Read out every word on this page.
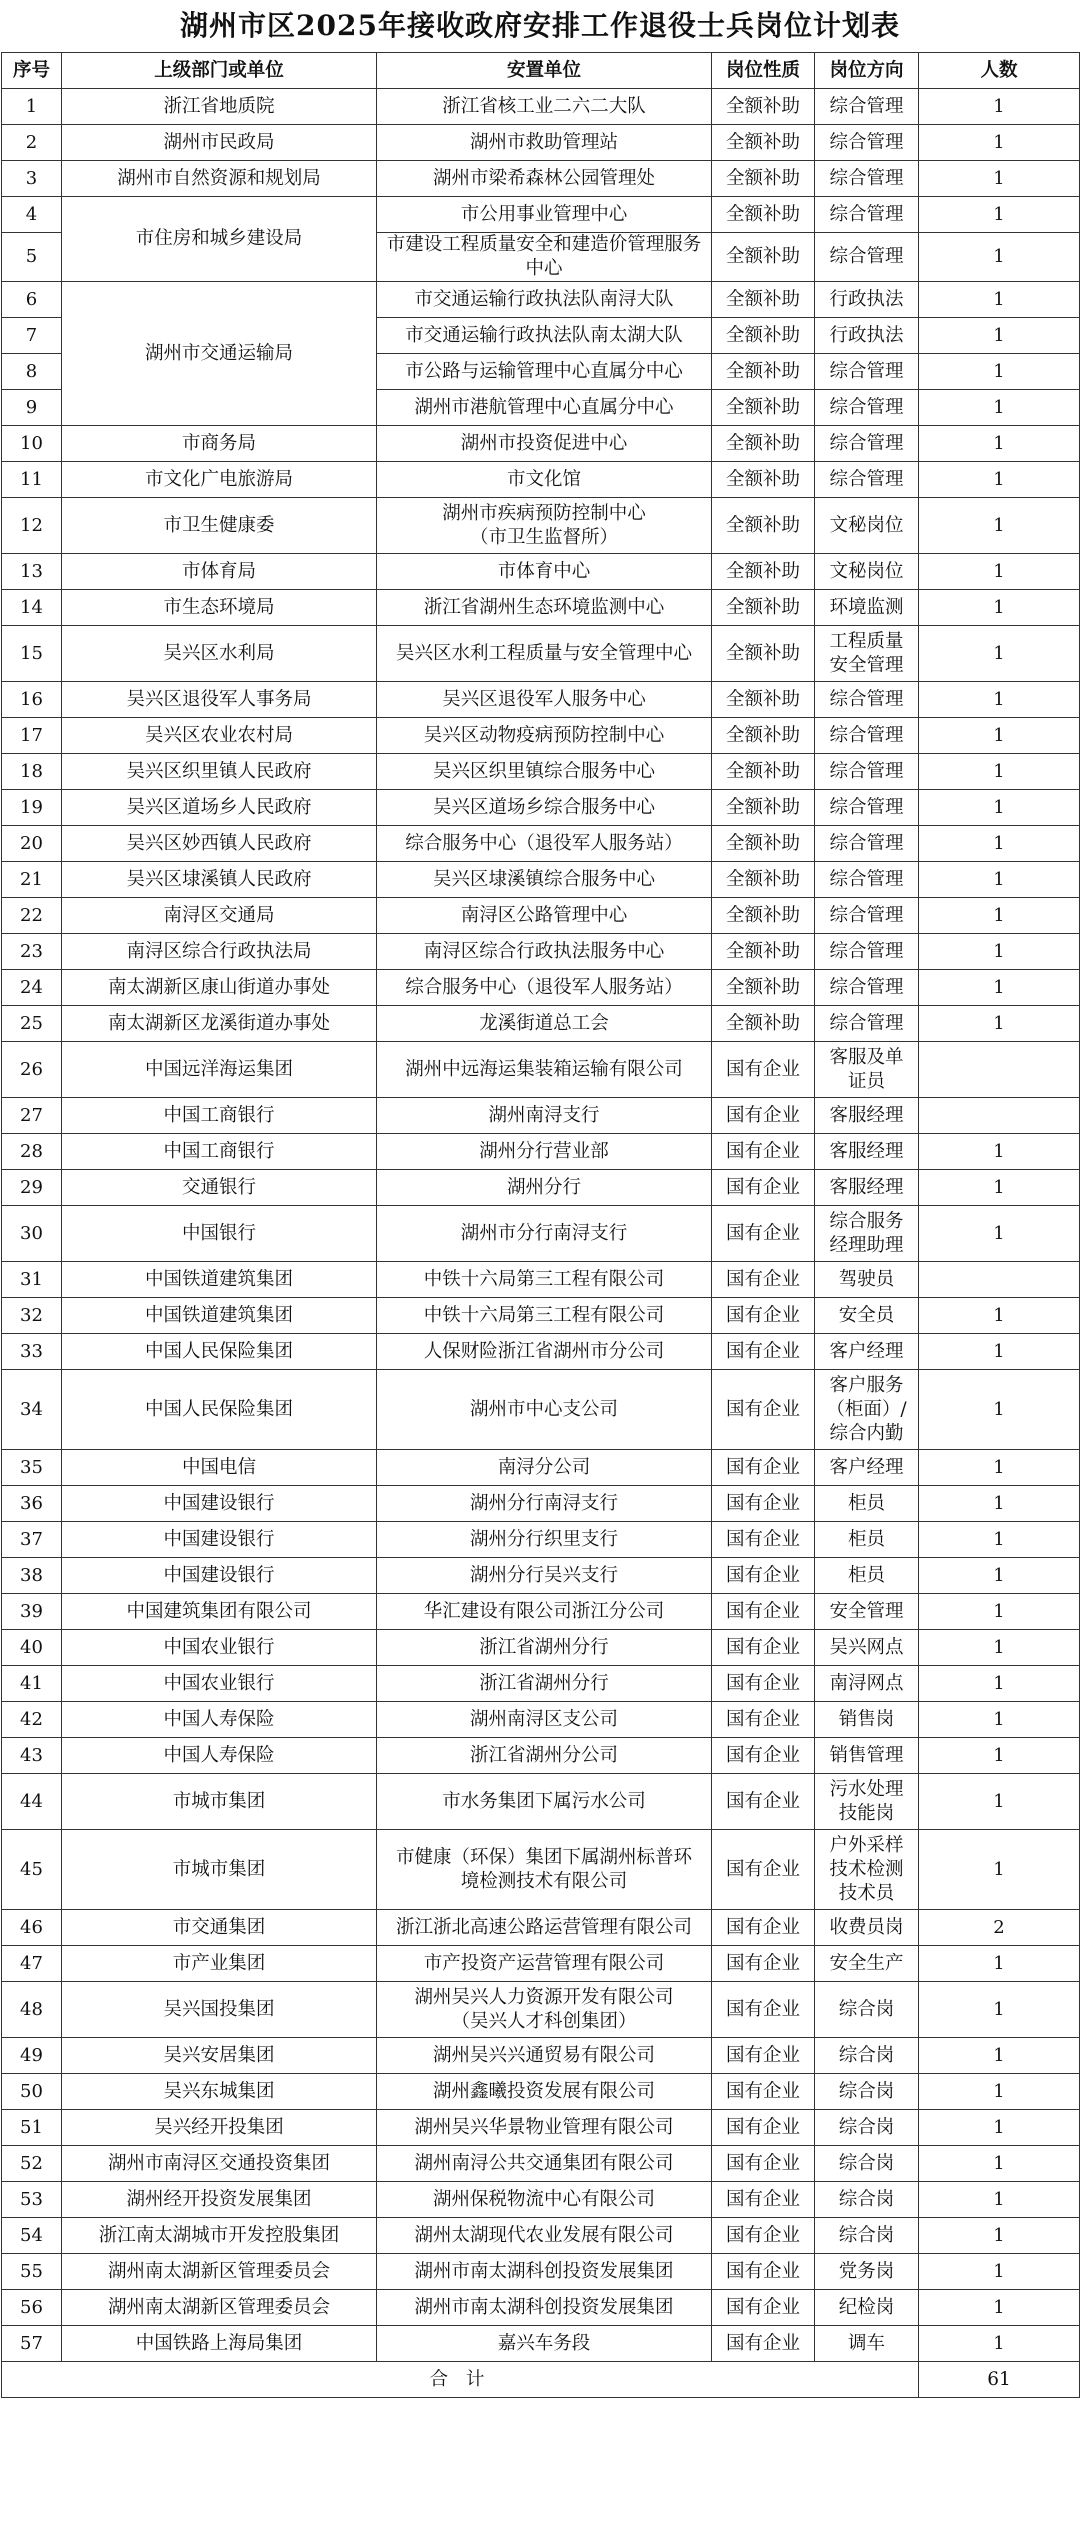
湖州市区2025年接收政府安排工作退役士兵岗位计划表
序号	上级部门或单位	安置单位	岗位性质	岗位方向	人数
1	浙江省地质院	浙江省核工业二六二大队	全额补助	综合管理	1
2	湖州市民政局	湖州市救助管理站	全额补助	综合管理	1
3	湖州市自然资源和规划局	湖州市梁希森林公园管理处	全额补助	综合管理	1
4	市住房和城乡建设局	市公用事业管理中心	全额补助	综合管理	1
5		市建设工程质量安全和建造价管理服务中心	全额补助	综合管理	1
6	湖州市交通运输局	市交通运输行政执法队南浔大队	全额补助	行政执法	1
7		市交通运输行政执法队南太湖大队	全额补助	行政执法	1
8		市公路与运输管理中心直属分中心	全额补助	综合管理	1
9		湖州市港航管理中心直属分中心	全额补助	综合管理	1
10	市商务局	湖州市投资促进中心	全额补助	综合管理	1
11	市文化广电旅游局	市文化馆	全额补助	综合管理	1
12	市卫生健康委	湖州市疾病预防控制中心
（市卫生监督所）	全额补助	文秘岗位	1
13	市体育局	市体育中心	全额补助	文秘岗位	1
14	市生态环境局	浙江省湖州生态环境监测中心	全额补助	环境监测	1
15	吴兴区水利局	吴兴区水利工程质量与安全管理中心	全额补助	工程质量
安全管理	1
16	吴兴区退役军人事务局	吴兴区退役军人服务中心	全额补助	综合管理	1
17	吴兴区农业农村局	吴兴区动物疫病预防控制中心	全额补助	综合管理	1
18	吴兴区织里镇人民政府	吴兴区织里镇综合服务中心	全额补助	综合管理	1
19	吴兴区道场乡人民政府	吴兴区道场乡综合服务中心	全额补助	综合管理	1
20	吴兴区妙西镇人民政府	综合服务中心（退役军人服务站）	全额补助	综合管理	1
21	吴兴区埭溪镇人民政府	吴兴区埭溪镇综合服务中心	全额补助	综合管理	1
22	南浔区交通局	南浔区公路管理中心	全额补助	综合管理	1
23	南浔区综合行政执法局	南浔区综合行政执法服务中心	全额补助	综合管理	1
24	南太湖新区康山街道办事处	综合服务中心（退役军人服务站）	全额补助	综合管理	1
25	南太湖新区龙溪街道办事处	龙溪街道总工会	全额补助	综合管理	1
26	中国远洋海运集团	湖州中远海运集装箱运输有限公司	国有企业	客服及单
证员	
27	中国工商银行	湖州南浔支行	国有企业	客服经理	
28	中国工商银行	湖州分行营业部	国有企业	客服经理	1
29	交通银行	湖州分行	国有企业	客服经理	1
30	中国银行	湖州市分行南浔支行	国有企业	综合服务
经理助理	1
31	中国铁道建筑集团	中铁十六局第三工程有限公司	国有企业	驾驶员	
32	中国铁道建筑集团	中铁十六局第三工程有限公司	国有企业	安全员	1
33	中国人民保险集团	人保财险浙江省湖州市分公司	国有企业	客户经理	1
34	中国人民保险集团	湖州市中心支公司	国有企业	客户服务
（柜面）/
综合内勤	1
35	中国电信	南浔分公司	国有企业	客户经理	1
36	中国建设银行	湖州分行南浔支行	国有企业	柜员	1
37	中国建设银行	湖州分行织里支行	国有企业	柜员	1
38	中国建设银行	湖州分行吴兴支行	国有企业	柜员	1
39	中国建筑集团有限公司	华汇建设有限公司浙江分公司	国有企业	安全管理	1
40	中国农业银行	浙江省湖州分行	国有企业	吴兴网点	1
41	中国农业银行	浙江省湖州分行	国有企业	南浔网点	1
42	中国人寿保险	湖州南浔区支公司	国有企业	销售岗	1
43	中国人寿保险	浙江省湖州分公司	国有企业	销售管理	1
44	市城市集团	市水务集团下属污水公司	国有企业	污水处理
技能岗	1
45	市城市集团	市健康（环保）集团下属湖州标普环
境检测技术有限公司	国有企业	户外采样
技术检测
技术员	1
46	市交通集团	浙江浙北高速公路运营管理有限公司	国有企业	收费员岗	2
47	市产业集团	市产投资产运营管理有限公司	国有企业	安全生产	1
48	吴兴国投集团	湖州吴兴人力资源开发有限公司
（吴兴人才科创集团）	国有企业	综合岗	1
49	吴兴安居集团	湖州吴兴兴通贸易有限公司	国有企业	综合岗	1
50	吴兴东城集团	湖州鑫曦投资发展有限公司	国有企业	综合岗	1
51	吴兴经开投集团	湖州吴兴华景物业管理有限公司	国有企业	综合岗	1
52	湖州市南浔区交通投资集团	湖州南浔公共交通集团有限公司	国有企业	综合岗	1
53	湖州经开投资发展集团	湖州保税物流中心有限公司	国有企业	综合岗	1
54	浙江南太湖城市开发控股集团	湖州太湖现代农业发展有限公司	国有企业	综合岗	1
55	湖州南太湖新区管理委员会	湖州市南太湖科创投资发展集团	国有企业	党务岗	1
56	湖州南太湖新区管理委员会	湖州市南太湖科创投资发展集团	国有企业	纪检岗	1
57	中国铁路上海局集团	嘉兴车务段	国有企业	调车	1
合 计					61
